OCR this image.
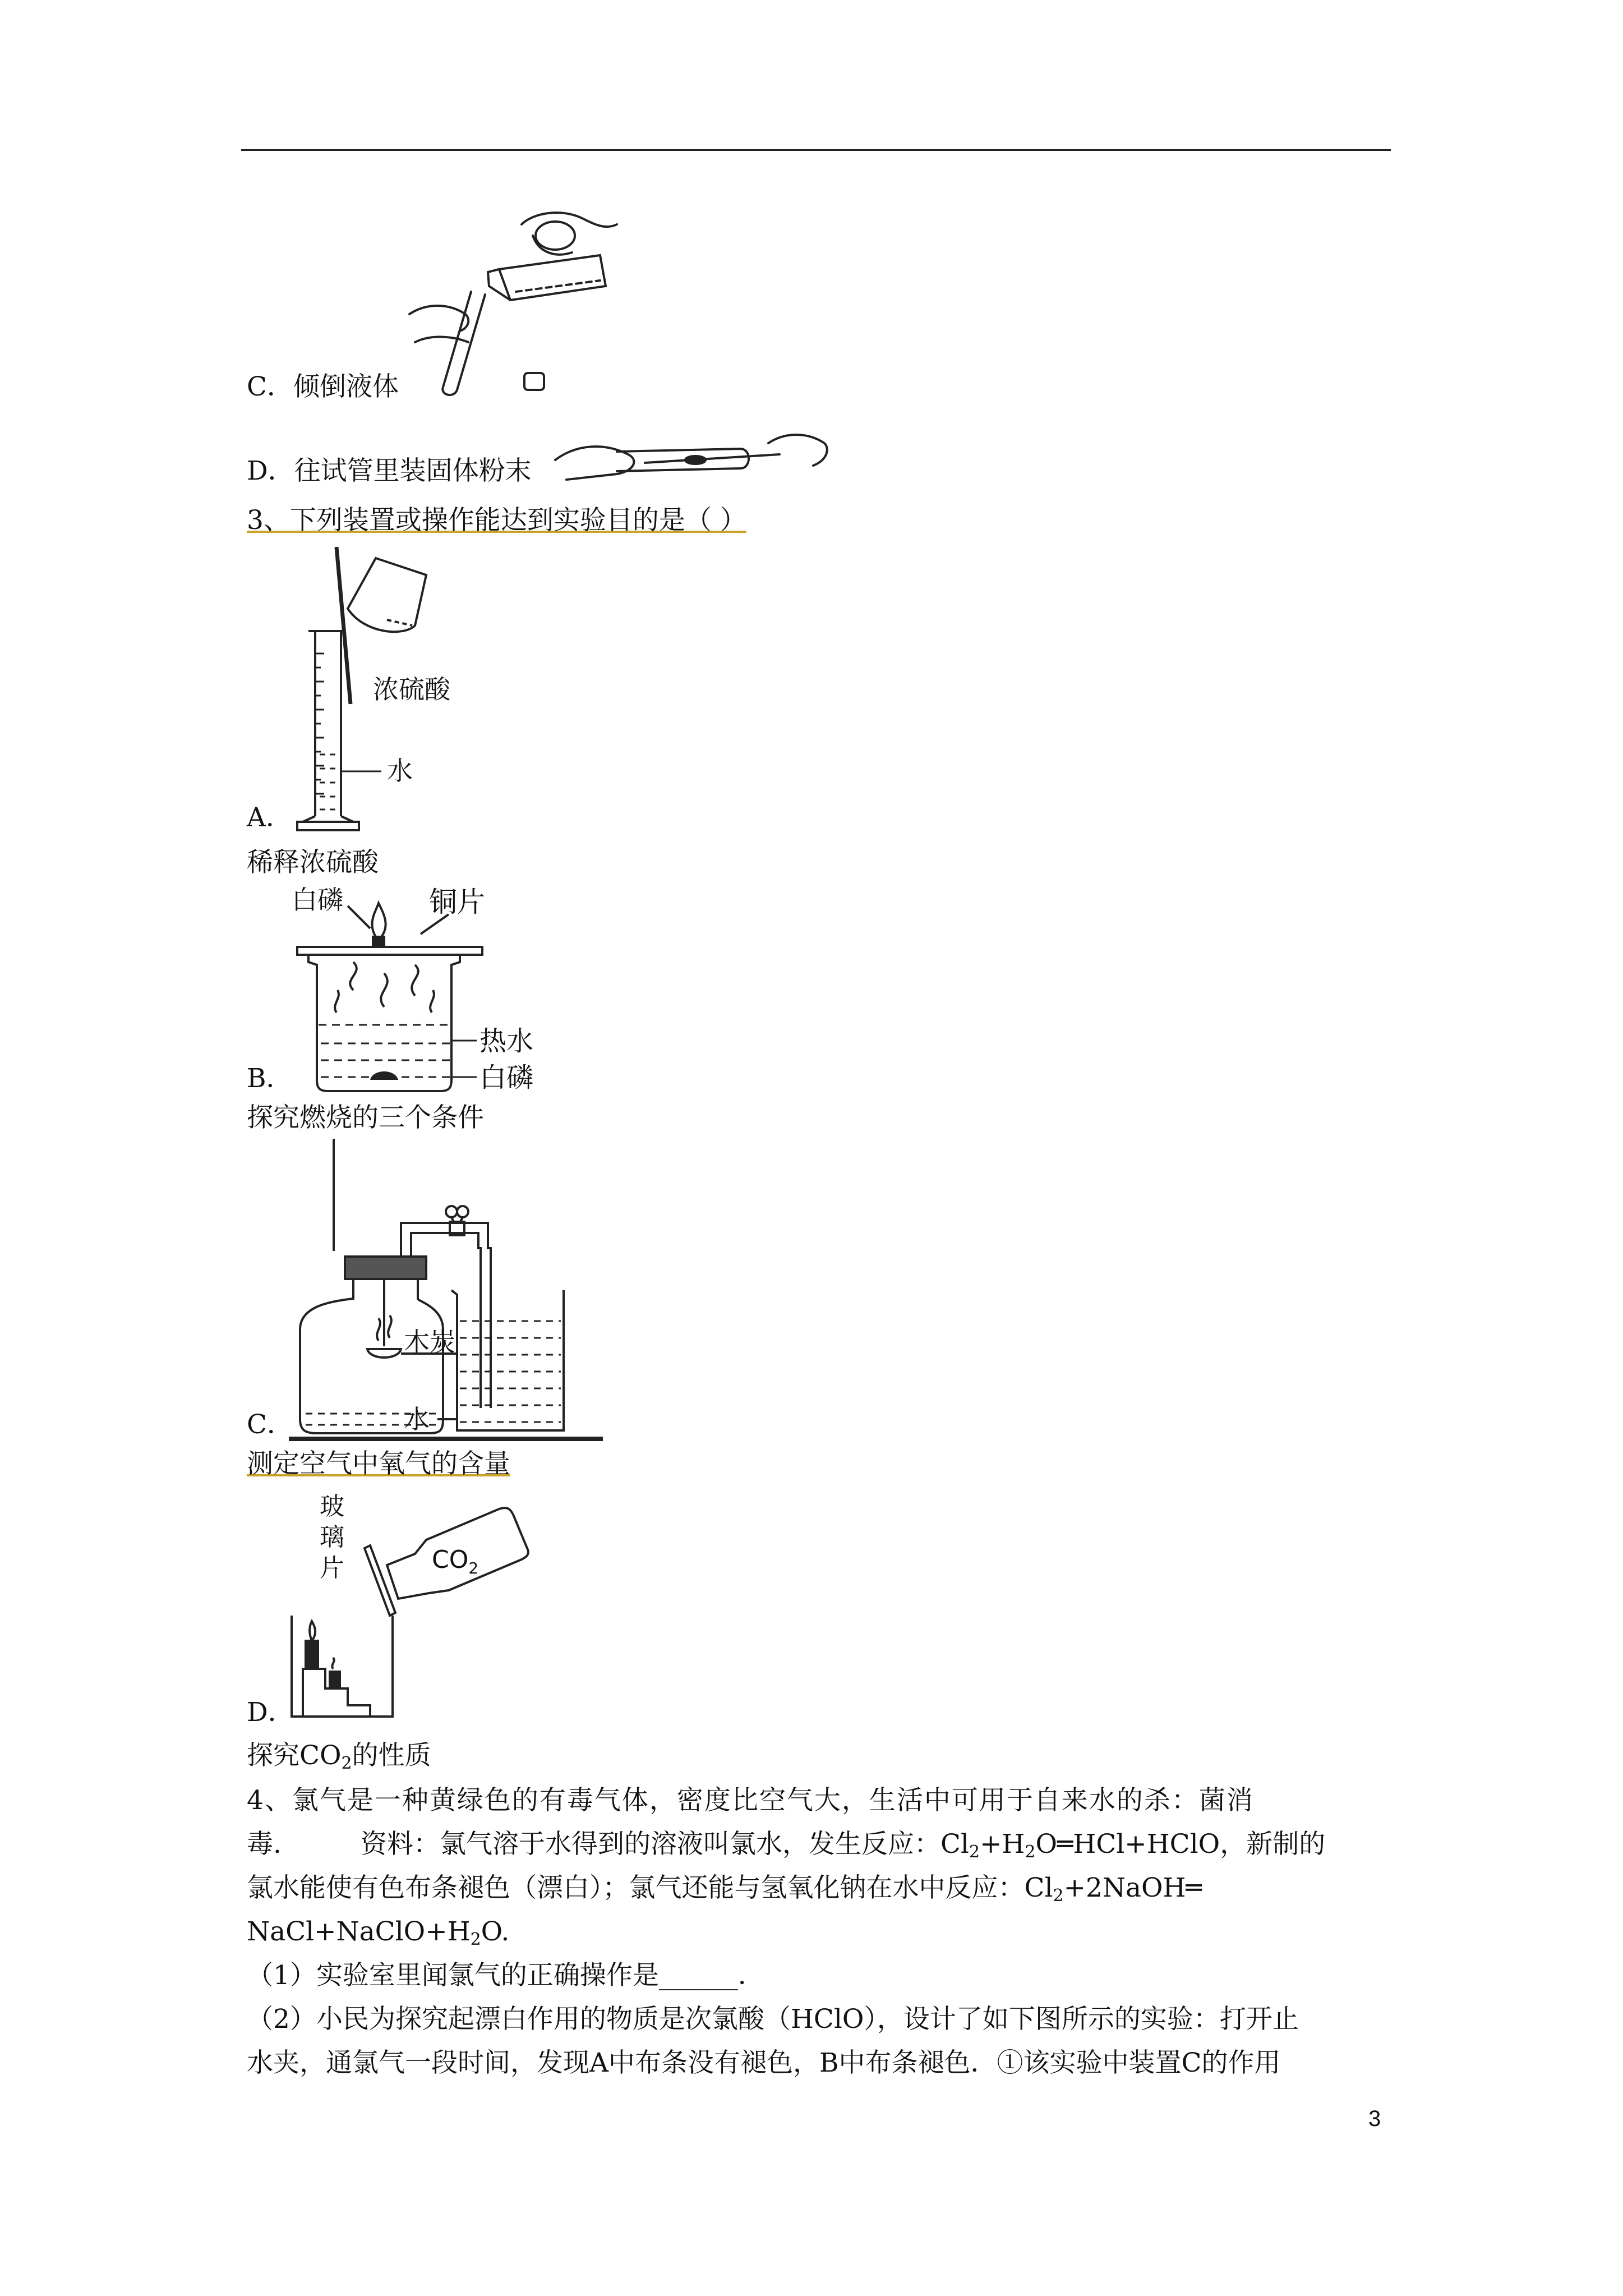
C．倾倒液体
D．往试管里装固体粉末
3、下列装置或操作能达到实验目的是（ ）
浓硫酸
水
A．
稀释浓硫酸
白磷	铜片
热水
白磷
B．
探究燃烧的三个条件
木炭
水
C．
测定空气中氧气的含量
玻
璃
片	$CO_2$
D．
探究$CO_2$的性质
4、氯气是一种黄绿色的有毒气体，密度比空气大，生活中可用于自来水的杀：菌消
毒.　　　资料：氯气溶于水得到的溶液叫氯水，发生反应：$Cl_2+H_2O═HCl+HClO$，新制的
氯水能使有色布条褪色（漂白）；氯气还能与氢氧化钠在水中反应：$Cl_2+2NaOH═$
$NaCl+NaClO+H_2O$.
（1）实验室里闻氯气的正确操作是______．
（2）小民为探究起漂白作用的物质是次氯酸（HClO），设计了如下图所示的实验：打开止
水夹，通氯气一段时间，发现A中布条没有褪色，B中布条褪色．①该实验中装置C的作用
3
